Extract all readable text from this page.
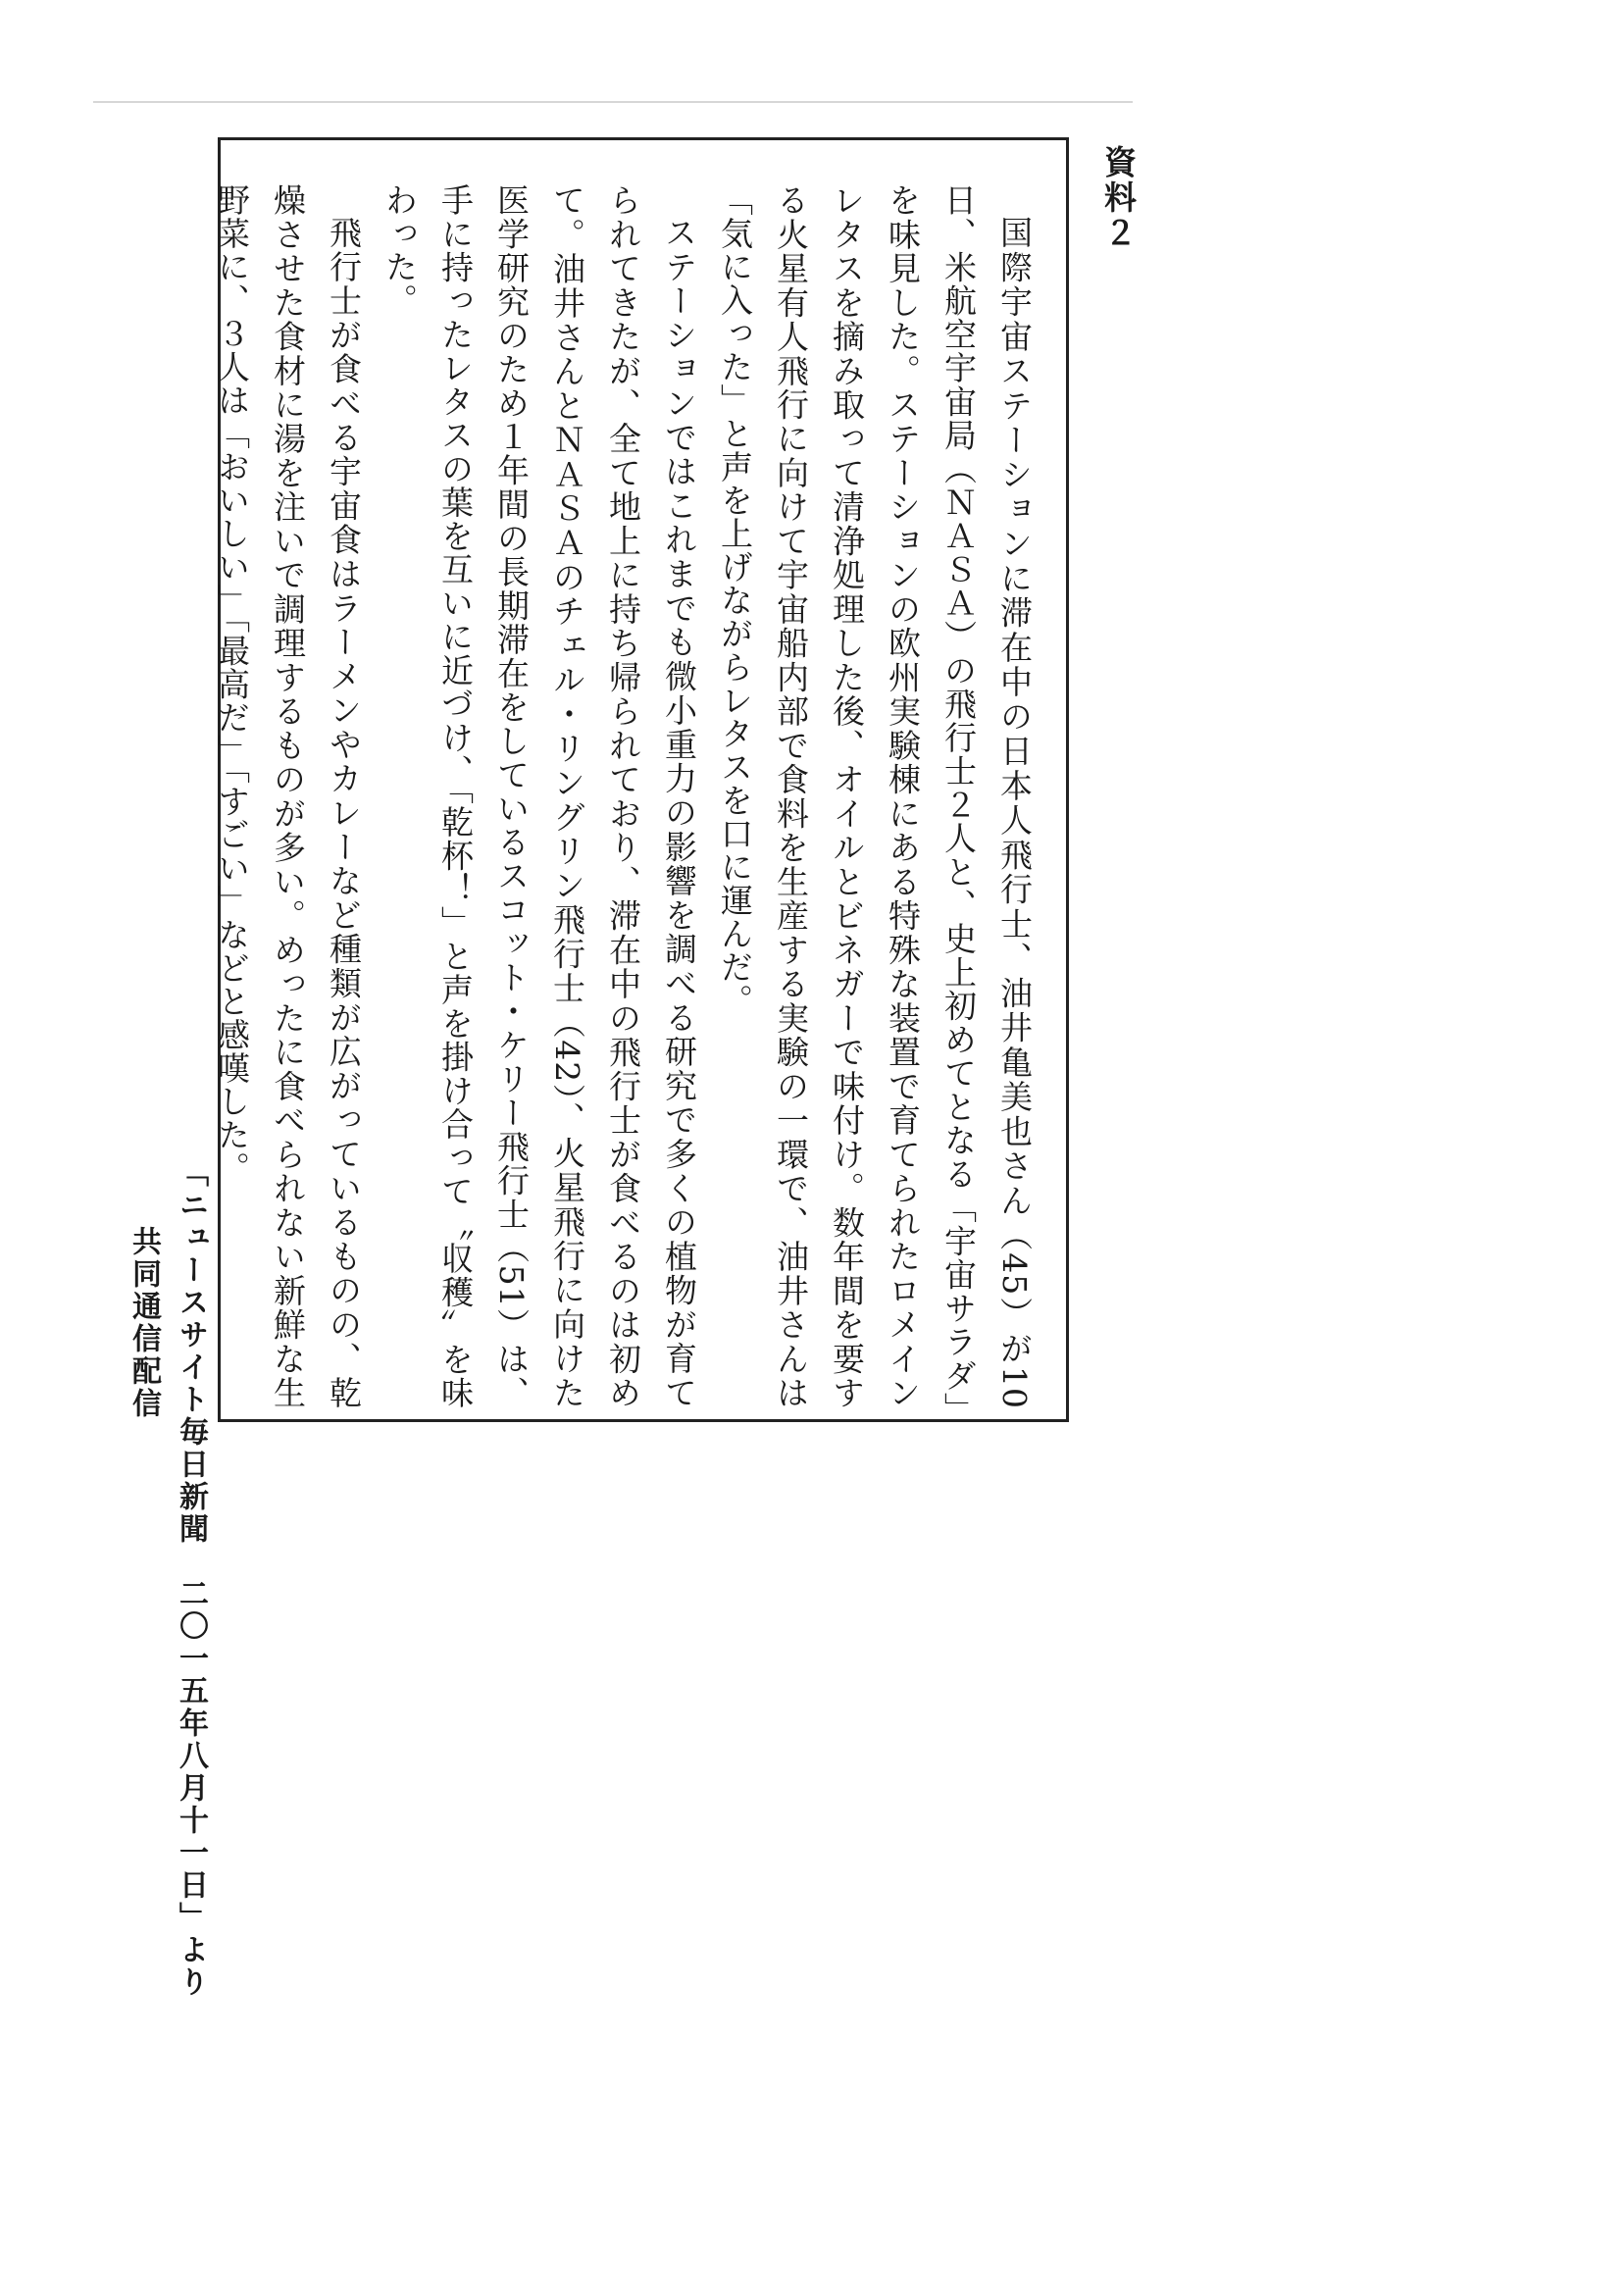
資料２

国際宇宙ステーションに滞在中の日本人飛行士、油井亀美也さん（45）が10日、米航空宇宙局（ＮＡＳＡ）の飛行士２人と、史上初めてとなる「宇宙サラダ」を味見した。ステーションの欧州実験棟にある特殊な装置で育てられたロメインレタスを摘み取って清浄処理した後、オイルとビネガーで味付け。数年間を要する火星有人飛行に向けて宇宙船内部で食料を生産する実験の一環で、油井さんは「気に入った」と声を上げながらレタスを口に運んだ。

ステーションではこれまでも微小重力の影響を調べる研究で多くの植物が育てられてきたが、全て地上に持ち帰られており、滞在中の飛行士が食べるのは初めて。油井さんとＮＡＳＡのチェル・リングリン飛行士（42）、火星飛行に向けた医学研究のため１年間の長期滞在をしているスコット・ケリー飛行士（51）は、手に持ったレタスの葉を互いに近づけ、「乾杯！」と声を掛け合って〝収穫〟を味わった。

飛行士が食べる宇宙食はラーメンやカレーなど種類が広がっているものの、乾燥させた食材に湯を注いで調理するものが多い。めったに食べられない新鮮な生野菜に、３人は「おいしい」「最高だ」「すごい」などと感嘆した。

「ニュースサイト毎日新聞　二〇一五年八月十一日」より
共同通信配信
